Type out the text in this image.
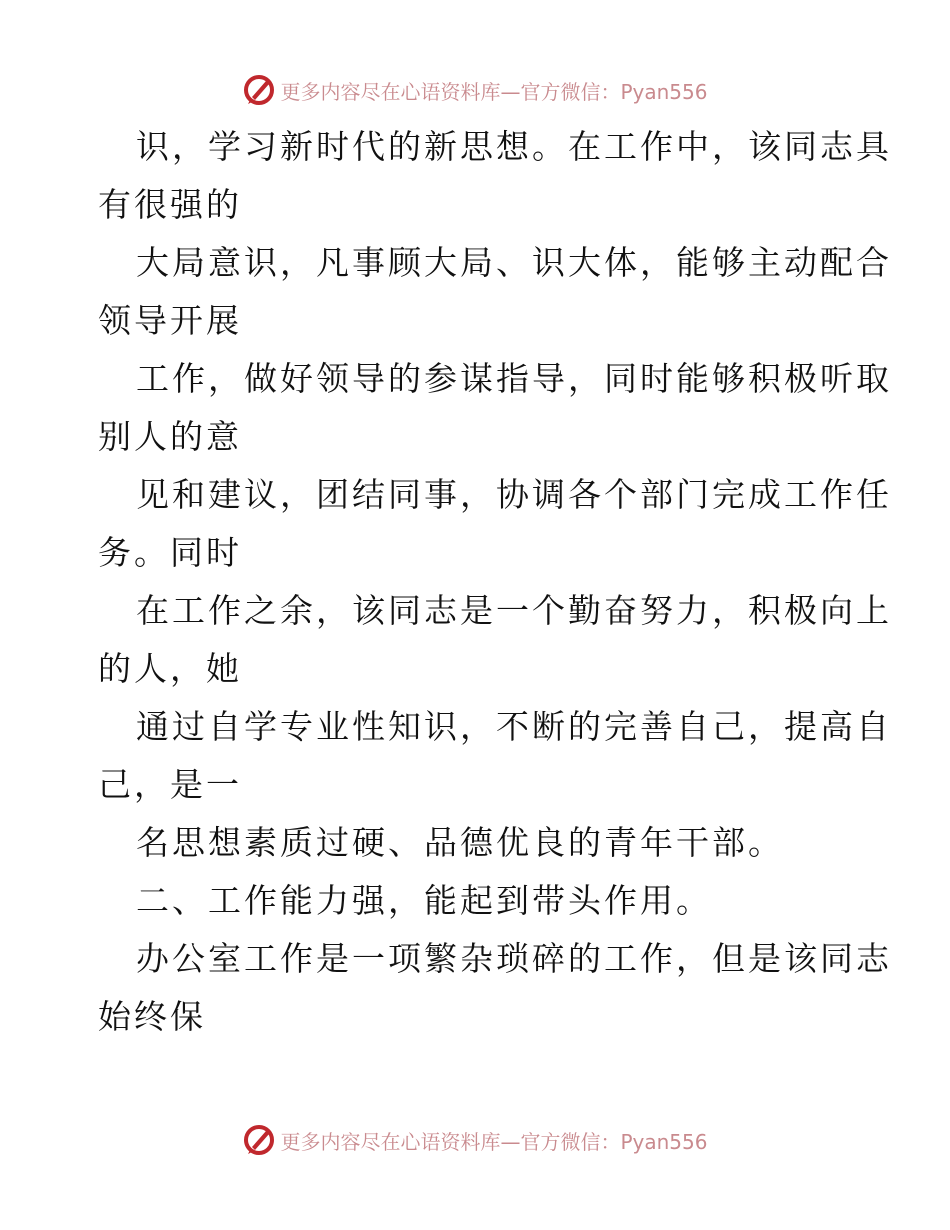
更多内容尽在心语资料库—官方微信：Pyan556

识，学习新时代的新思想。在工作中，该同志具

有很强的

大局意识，凡事顾大局、识大体，能够主动配合

领导开展

工作，做好领导的参谋指导，同时能够积极听取

别人的意

见和建议，团结同事，协调各个部门完成工作任

务。同时

在工作之余，该同志是一个勤奋努力，积极向上

的人，她

通过自学专业性知识，不断的完善自己，提高自

己，是一

名思想素质过硬、品德优良的青年干部。

二、工作能力强，能起到带头作用。

办公室工作是一项繁杂琐碎的工作，但是该同志

始终保

更多内容尽在心语资料库—官方微信：Pyan556
